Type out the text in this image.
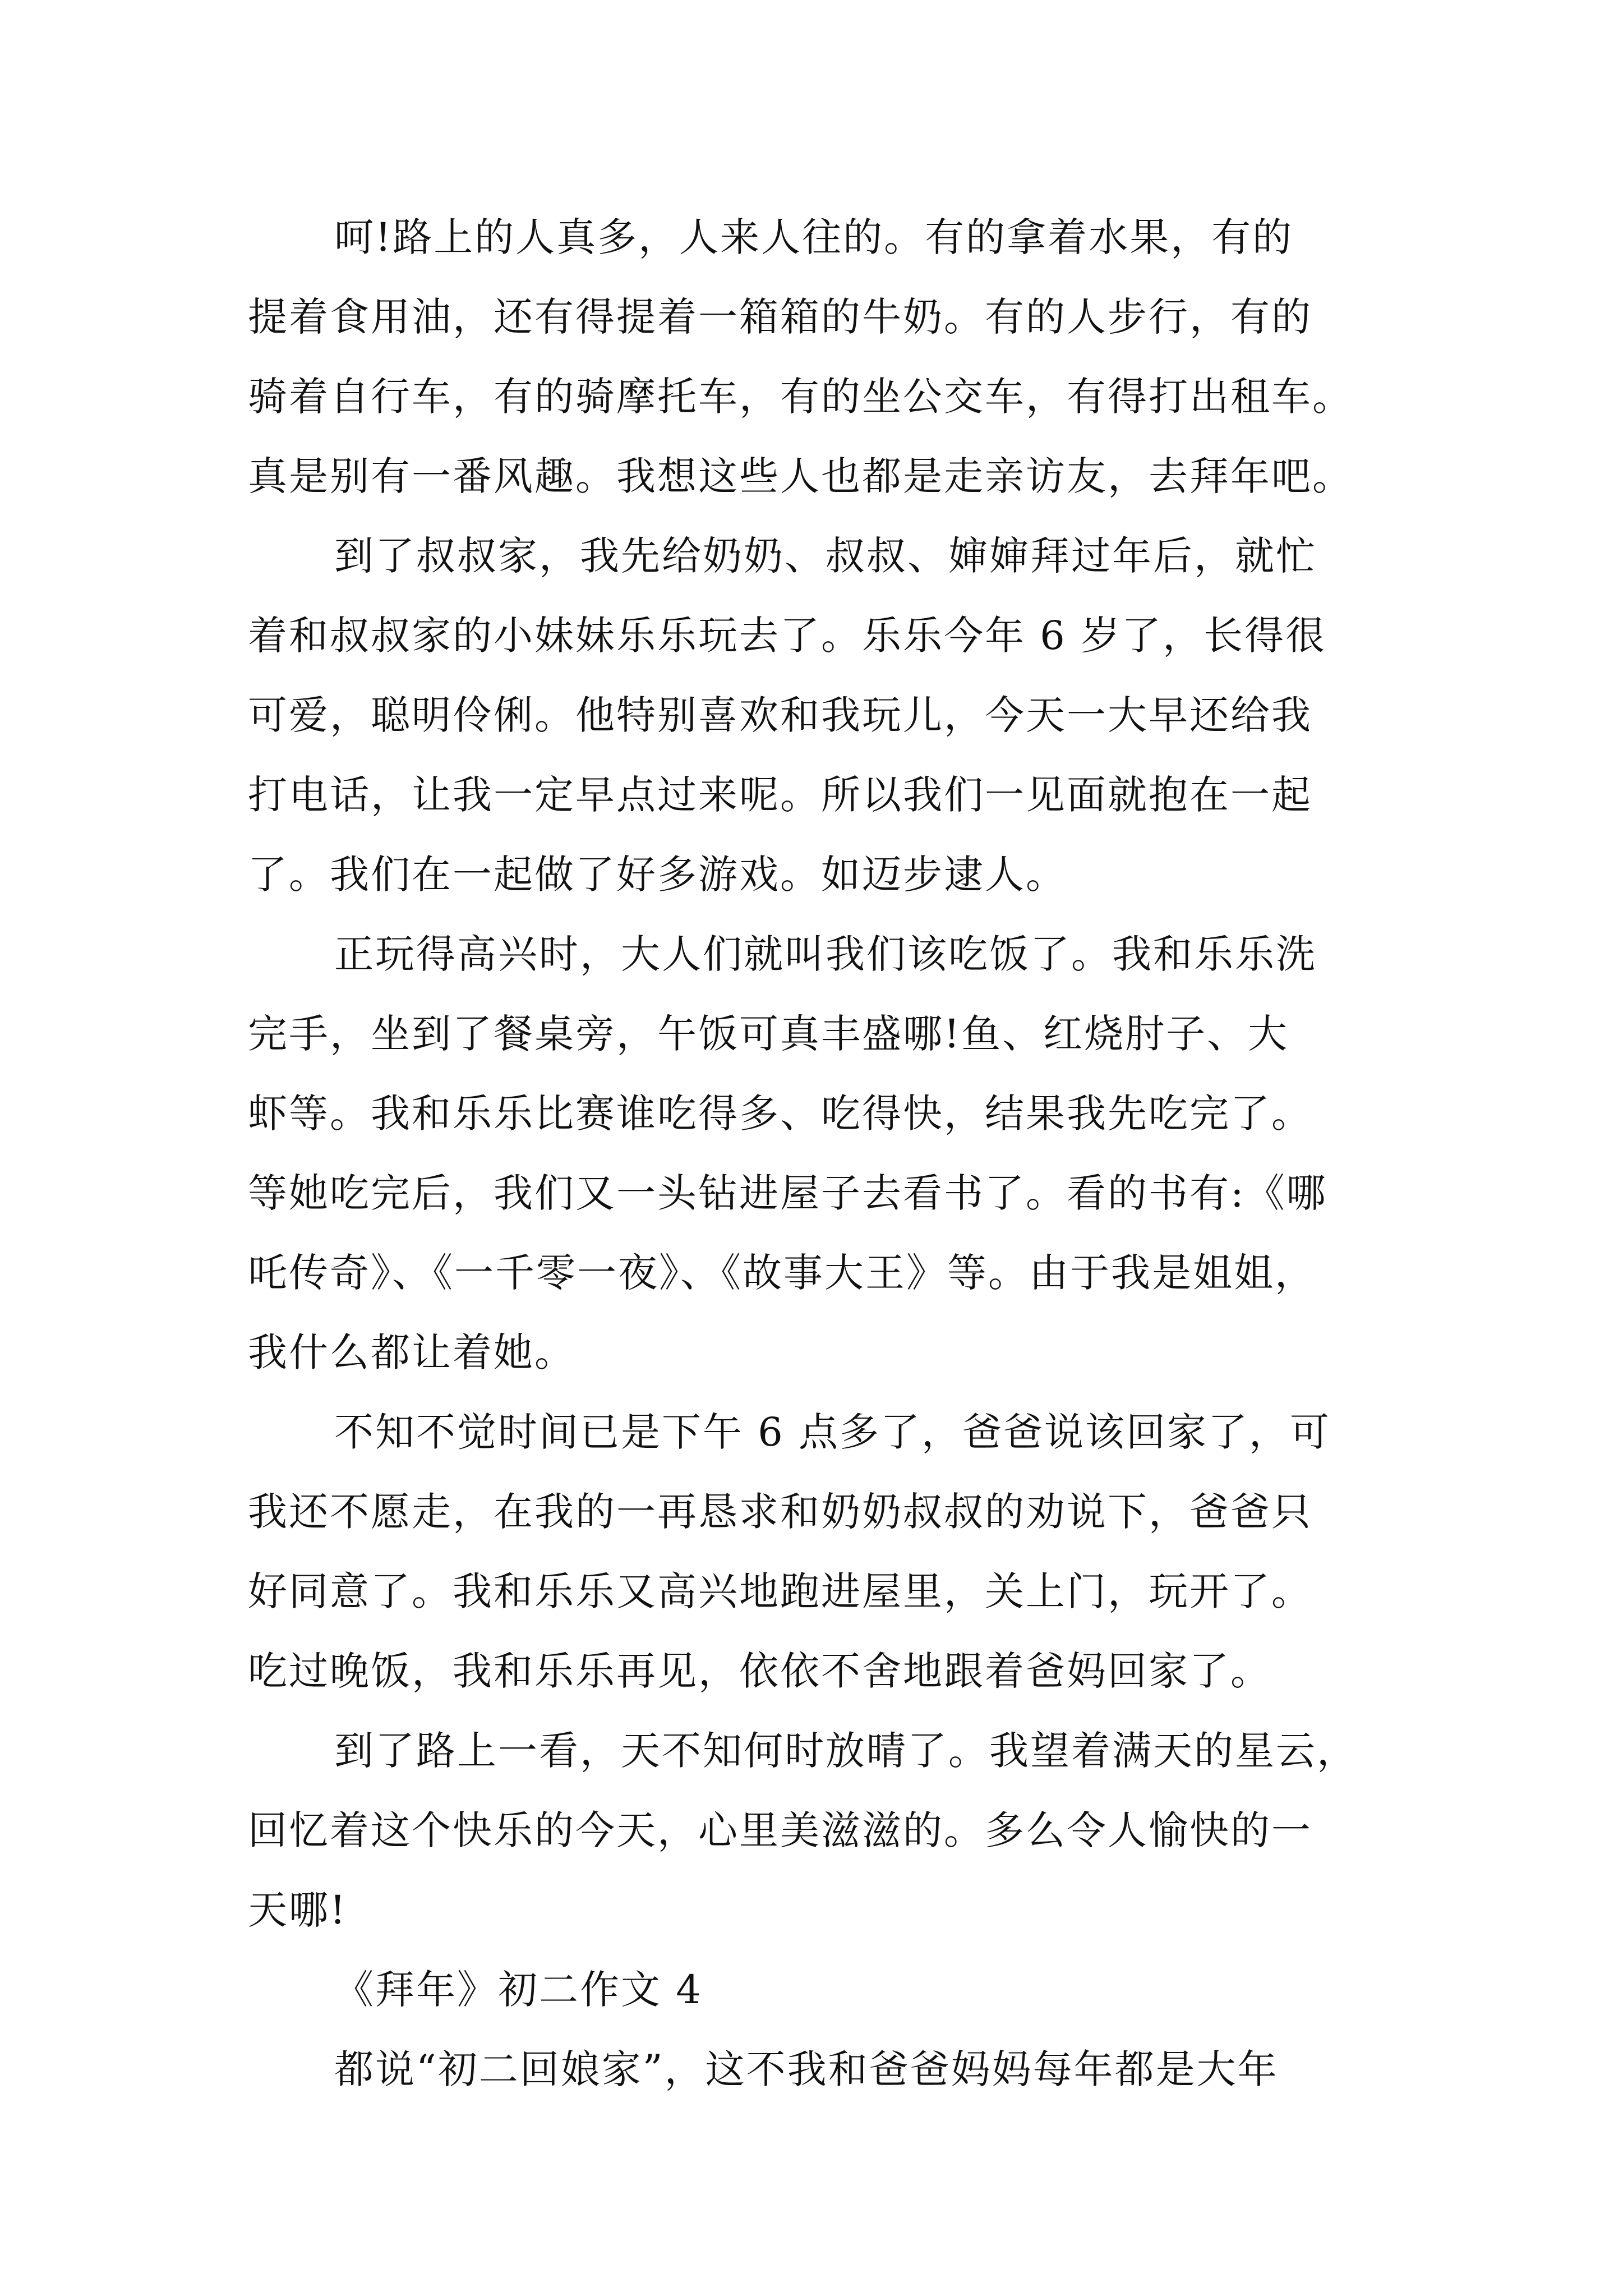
呵!路上的人真多，人来人往的。有的拿着水果，有的
提着食用油，还有得提着一箱箱的牛奶。有的人步行，有的
骑着自行车，有的骑摩托车，有的坐公交车，有得打出租车。
真是别有一番风趣。我想这些人也都是走亲访友，去拜年吧。
到了叔叔家，我先给奶奶、叔叔、婶婶拜过年后，就忙
着和叔叔家的小妹妹乐乐玩去了。乐乐今年 6 岁了，长得很
可爱，聪明伶俐。他特别喜欢和我玩儿，今天一大早还给我
打电话，让我一定早点过来呢。所以我们一见面就抱在一起
了。我们在一起做了好多游戏。如迈步逮人。
正玩得高兴时，大人们就叫我们该吃饭了。我和乐乐洗
完手，坐到了餐桌旁，午饭可真丰盛哪!鱼、红烧肘子、大
虾等。我和乐乐比赛谁吃得多、吃得快，结果我先吃完了。
等她吃完后，我们又一头钻进屋子去看书了。看的书有:《哪
吒传奇》、《一千零一夜》、《故事大王》等。由于我是姐姐，
我什么都让着她。
不知不觉时间已是下午 6 点多了，爸爸说该回家了，可
我还不愿走，在我的一再恳求和奶奶叔叔的劝说下，爸爸只
好同意了。我和乐乐又高兴地跑进屋里，关上门，玩开了。
吃过晚饭，我和乐乐再见，依依不舍地跟着爸妈回家了。
到了路上一看，天不知何时放晴了。我望着满天的星云，
回忆着这个快乐的今天，心里美滋滋的。多么令人愉快的一
天哪!
《拜年》初二作文 4
都说“初二回娘家”，这不我和爸爸妈妈每年都是大年
